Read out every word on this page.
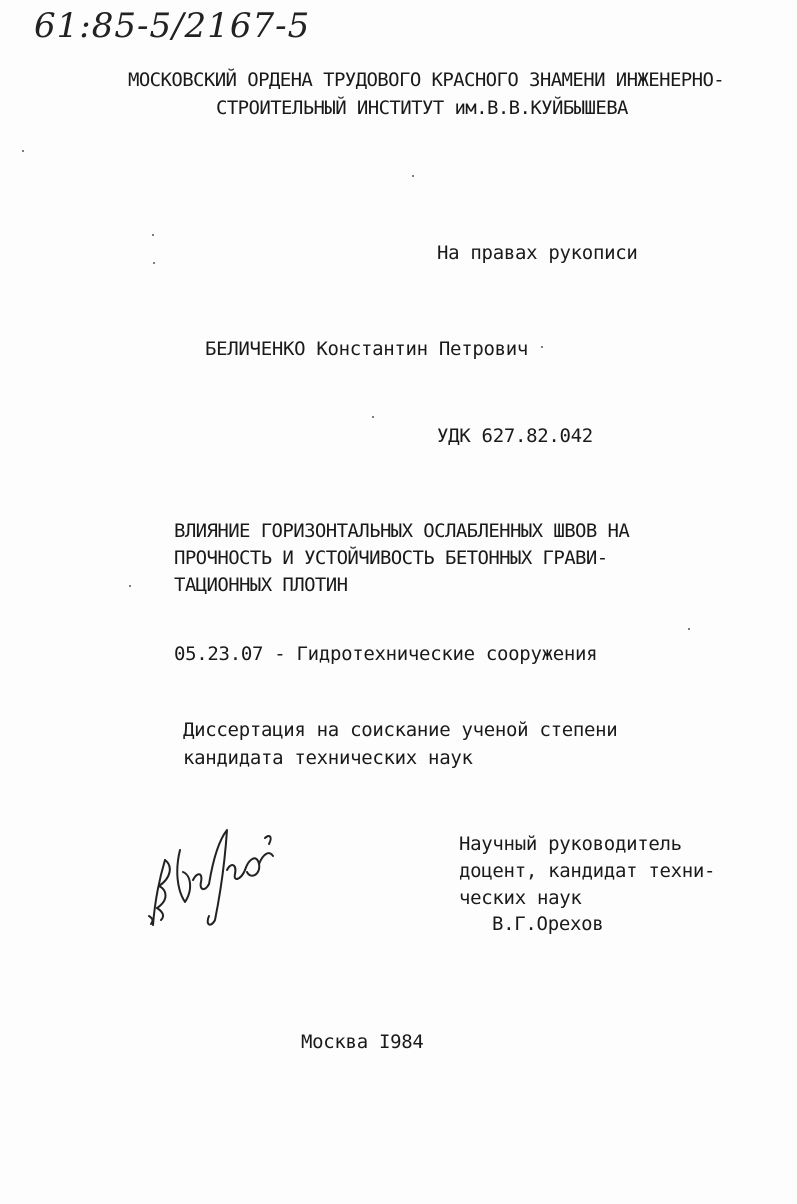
61:85-5/2167-5
МОСКОВСКИЙ ОРДЕНА ТРУДОВОГО КРАСНОГО ЗНАМЕНИ ИНЖЕНЕРНО-
СТРОИТЕЛЬНЫЙ ИНСТИТУТ им.В.В.КУЙБЫШЕВА
На правах рукописи
БЕЛИЧЕНКО Константин Петрович
УДК 627.82.042
ВЛИЯНИЕ ГОРИЗОНТАЛЬНЫХ ОСЛАБЛЕННЫХ ШВОВ НА
ПРОЧНОСТЬ И УСТОЙЧИВОСТЬ БЕТОННЫХ ГРАВИ-
ТАЦИОННЫХ ПЛОТИН
05.23.07 - Гидротехнические сооружения
Диссертация на соискание ученой степени
кандидата технических наук
Научный руководитель
доцент, кандидат техни-
ческих наук
В.Г.Орехов
Москва I984
